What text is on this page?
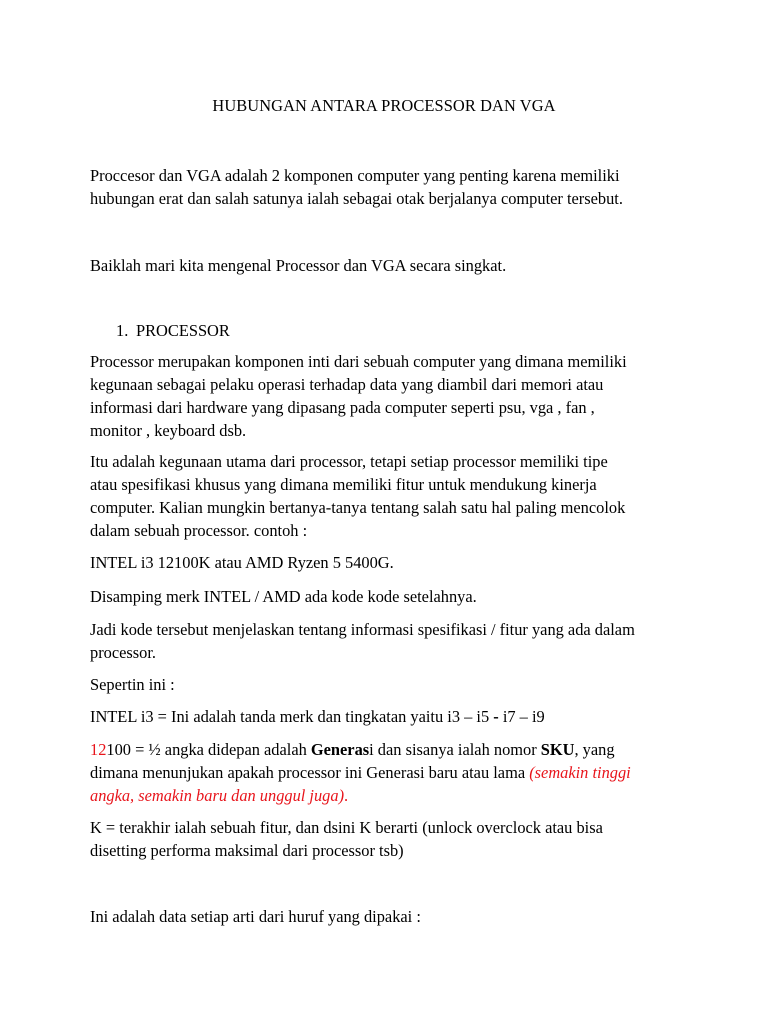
HUBUNGAN ANTARA PROCESSOR DAN VGA

Proccesor dan VGA adalah 2 komponen computer yang penting karena memiliki

hubungan erat dan salah satunya ialah sebagai otak berjalanya computer tersebut.

Baiklah mari kita mengenal Processor dan VGA secara singkat.

1. PROCESSOR

Processor merupakan komponen inti dari sebuah computer yang dimana memiliki

kegunaan sebagai pelaku operasi terhadap data yang diambil dari memori atau

informasi dari hardware yang dipasang pada computer seperti psu, vga , fan ,

monitor , keyboard dsb.

Itu adalah kegunaan utama dari processor, tetapi setiap processor memiliki tipe

atau spesifikasi khusus yang dimana memiliki fitur untuk mendukung kinerja

computer. Kalian mungkin bertanya-tanya tentang salah satu hal paling mencolok

dalam sebuah processor. contoh :

INTEL i3 12100K atau AMD Ryzen 5 5400G.

Disamping merk INTEL / AMD ada kode kode setelahnya.

Jadi kode tersebut menjelaskan tentang informasi spesifikasi / fitur yang ada dalam

processor.

Sepertin ini :

INTEL i3 = Ini adalah tanda merk dan tingkatan yaitu i3 – i5 - i7 – i9

12100 = ½ angka didepan adalah Generasi dan sisanya ialah nomor SKU, yang

dimana menunjukan apakah processor ini Generasi baru atau lama (semakin tinggi

angka, semakin baru dan unggul juga).

K = terakhir ialah sebuah fitur, dan dsini K berarti (unlock overclock atau bisa

disetting performa maksimal dari processor tsb)

Ini adalah data setiap arti dari huruf yang dipakai :
